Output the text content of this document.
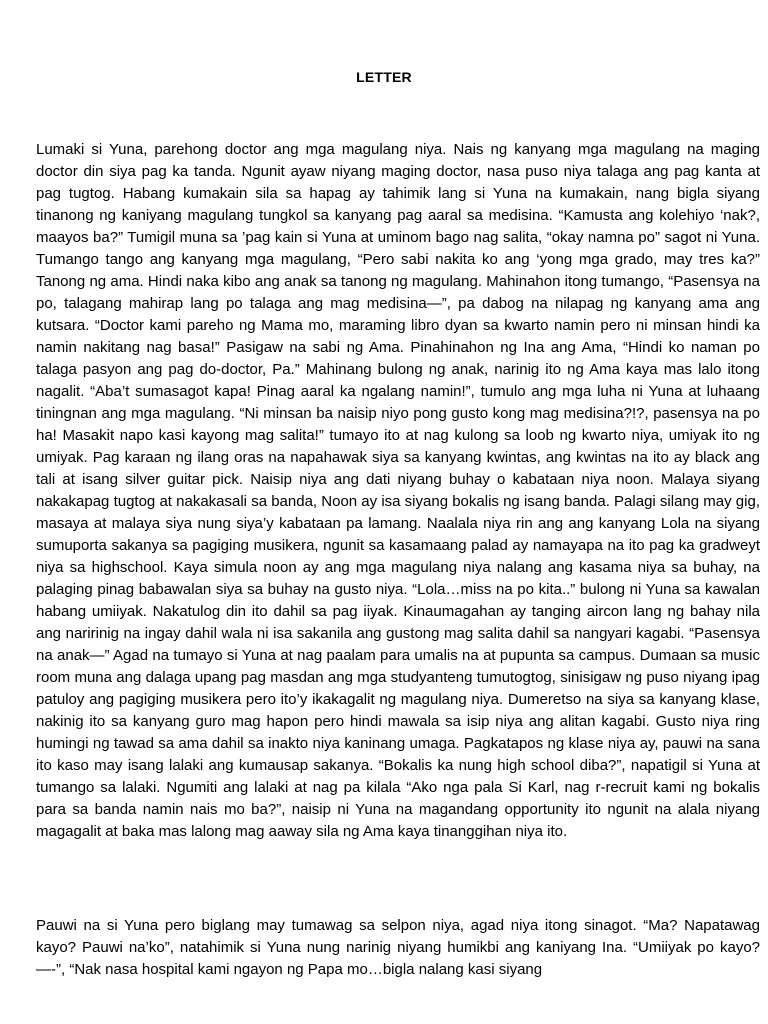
LETTER

Lumaki si Yuna, parehong doctor ang mga magulang niya. Nais ng kanyang mga magulang na maging doctor din siya pag ka tanda. Ngunit ayaw niyang maging doctor, nasa puso niya talaga ang pag kanta at pag tugtog. Habang kumakain sila sa hapag ay tahimik lang si Yuna na kumakain, nang bigla siyang tinanong ng kaniyang magulang tungkol sa kanyang pag aaral sa medisina. “Kamusta ang kolehiyo ‘nak?, maayos ba?” Tumigil muna sa ’pag kain si Yuna at uminom bago nag salita, “okay namna po” sagot ni Yuna. Tumango tango ang kanyang mga magulang, “Pero sabi nakita ko ang ‘yong mga grado, may tres ka?” Tanong ng ama. Hindi naka kibo ang anak sa tanong ng magulang. Mahinahon itong tumango, “Pasensya na po, talagang mahirap lang po talaga ang mag medisina—”, pa dabog na nilapag ng kanyang ama ang kutsara. “Doctor kami pareho ng Mama mo, maraming libro dyan sa kwarto namin pero ni minsan hindi ka namin nakitang nag basa!” Pasigaw na sabi ng Ama. Pinahinahon ng Ina ang Ama, “Hindi ko naman po talaga pasyon ang pag do-doctor, Pa.” Mahinang bulong ng anak, narinig ito ng Ama kaya mas lalo itong nagalit. “Aba’t sumasagot kapa! Pinag aaral ka ngalang namin!”, tumulo ang mga luha ni Yuna at luhaang tiningnan ang mga magulang. “Ni minsan ba naisip niyo pong gusto kong mag medisina?!?, pasensya na po ha! Masakit napo kasi kayong mag salita!” tumayo ito at nag kulong sa loob ng kwarto niya, umiyak ito ng umiyak. Pag karaan ng ilang oras na napahawak siya sa kanyang kwintas, ang kwintas na ito ay black ang tali at isang silver guitar pick. Naisip niya ang dati niyang buhay o kabataan niya noon. Malaya siyang nakakapag tugtog at nakakasali sa banda, Noon ay isa siyang bokalis ng isang banda. Palagi silang may gig, masaya at malaya siya nung siya’y kabataan pa lamang. Naalala niya rin ang ang kanyang Lola na siyang sumuporta sakanya sa pagiging musikera, ngunit sa kasamaang palad ay namayapa na ito pag ka gradweyt niya sa highschool. Kaya simula noon ay ang mga magulang niya nalang ang kasama niya sa buhay, na palaging pinag babawalan siya sa buhay na gusto niya. “Lola…miss na po kita..” bulong ni Yuna sa kawalan habang umiiyak. Nakatulog din ito dahil sa pag iiyak. Kinaumagahan ay tanging aircon lang ng bahay nila ang naririnig na ingay dahil wala ni isa sakanila ang gustong mag salita dahil sa nangyari kagabi. “Pasensya na anak—” Agad na tumayo si Yuna at nag paalam para umalis na at pupunta sa campus. Dumaan sa music room muna ang dalaga upang pag masdan ang mga studyanteng tumutogtog, sinisigaw ng puso niyang ipag patuloy ang pagiging musikera pero ito’y ikakagalit ng magulang niya. Dumeretso na siya sa kanyang klase, nakinig ito sa kanyang guro mag hapon pero hindi mawala sa isip niya ang alitan kagabi. Gusto niya ring humingi ng tawad sa ama dahil sa inakto niya kaninang umaga. Pagkatapos ng klase niya ay, pauwi na sana ito kaso may isang lalaki ang kumausap sakanya. “Bokalis ka nung high school diba?”, napatigil si Yuna at tumango sa lalaki. Ngumiti ang lalaki at nag pa kilala “Ako nga pala Si Karl, nag r-recruit kami ng bokalis para sa banda namin nais mo ba?”, naisip ni Yuna na magandang opportunity ito ngunit na alala niyang magagalit at baka mas lalong mag aaway sila ng Ama kaya tinanggihan niya ito.

Pauwi na si Yuna pero biglang may tumawag sa selpon niya, agad niya itong sinagot. “Ma? Napatawag kayo? Pauwi na’ko”, natahimik si Yuna nung narinig niyang humikbi ang kaniyang Ina. “Umiiyak po kayo?—-”, “Nak nasa hospital kami ngayon ng Papa mo…bigla nalang kasi siyang
